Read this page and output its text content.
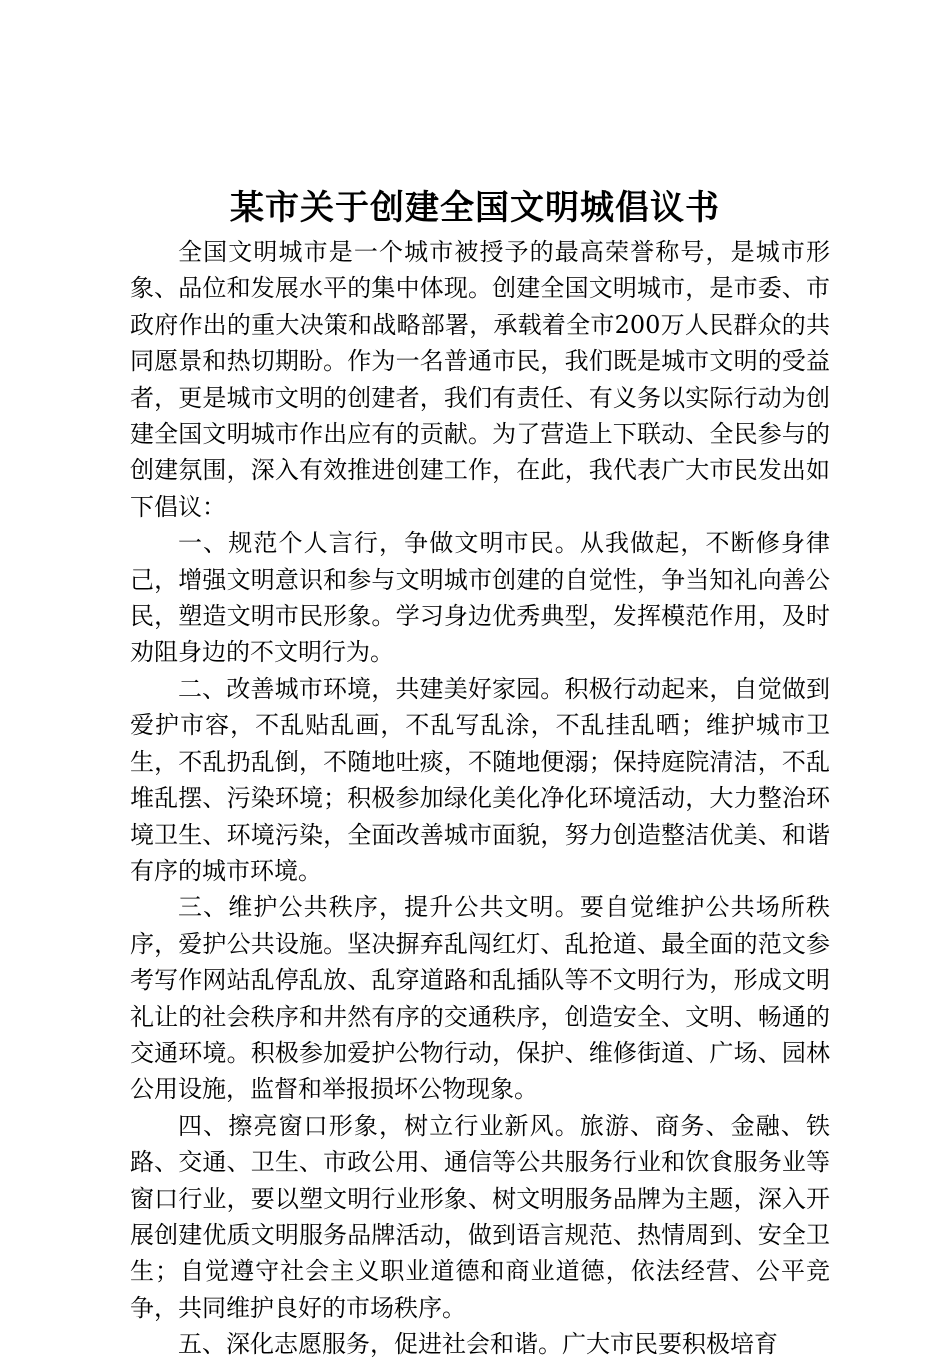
某市关于创建全国文明城倡议书

全国文明城市是一个城市被授予的最高荣誉称号，是城市形象、品位和发展水平的集中体现。创建全国文明城市，是市委、市政府作出的重大决策和战略部署，承载着全市200万人民群众的共同愿景和热切期盼。作为一名普通市民，我们既是城市文明的受益者，更是城市文明的创建者，我们有责任、有义务以实际行动为创建全国文明城市作出应有的贡献。为了营造上下联动、全民参与的创建氛围，深入有效推进创建工作，在此，我代表广大市民发出如下倡议：

一、规范个人言行，争做文明市民。从我做起，不断修身律己，增强文明意识和参与文明城市创建的自觉性，争当知礼向善公民，塑造文明市民形象。学习身边优秀典型，发挥模范作用，及时劝阻身边的不文明行为。

二、改善城市环境，共建美好家园。积极行动起来，自觉做到爱护市容，不乱贴乱画，不乱写乱涂，不乱挂乱晒；维护城市卫生，不乱扔乱倒，不随地吐痰，不随地便溺；保持庭院清洁，不乱堆乱摆、污染环境；积极参加绿化美化净化环境活动，大力整治环境卫生、环境污染，全面改善城市面貌，努力创造整洁优美、和谐有序的城市环境。

三、维护公共秩序，提升公共文明。要自觉维护公共场所秩序，爱护公共设施。坚决摒弃乱闯红灯、乱抢道、最全面的范文参考写作网站乱停乱放、乱穿道路和乱插队等不文明行为，形成文明礼让的社会秩序和井然有序的交通秩序，创造安全、文明、畅通的交通环境。积极参加爱护公物行动，保护、维修街道、广场、园林公用设施，监督和举报损坏公物现象。

四、擦亮窗口形象，树立行业新风。旅游、商务、金融、铁路、交通、卫生、市政公用、通信等公共服务行业和饮食服务业等窗口行业，要以塑文明行业形象、树文明服务品牌为主题，深入开展创建优质文明服务品牌活动，做到语言规范、热情周到、安全卫生；自觉遵守社会主义职业道德和商业道德，依法经营、公平竞争，共同维护良好的市场秩序。

五、深化志愿服务，促进社会和谐。广大市民要积极培育
